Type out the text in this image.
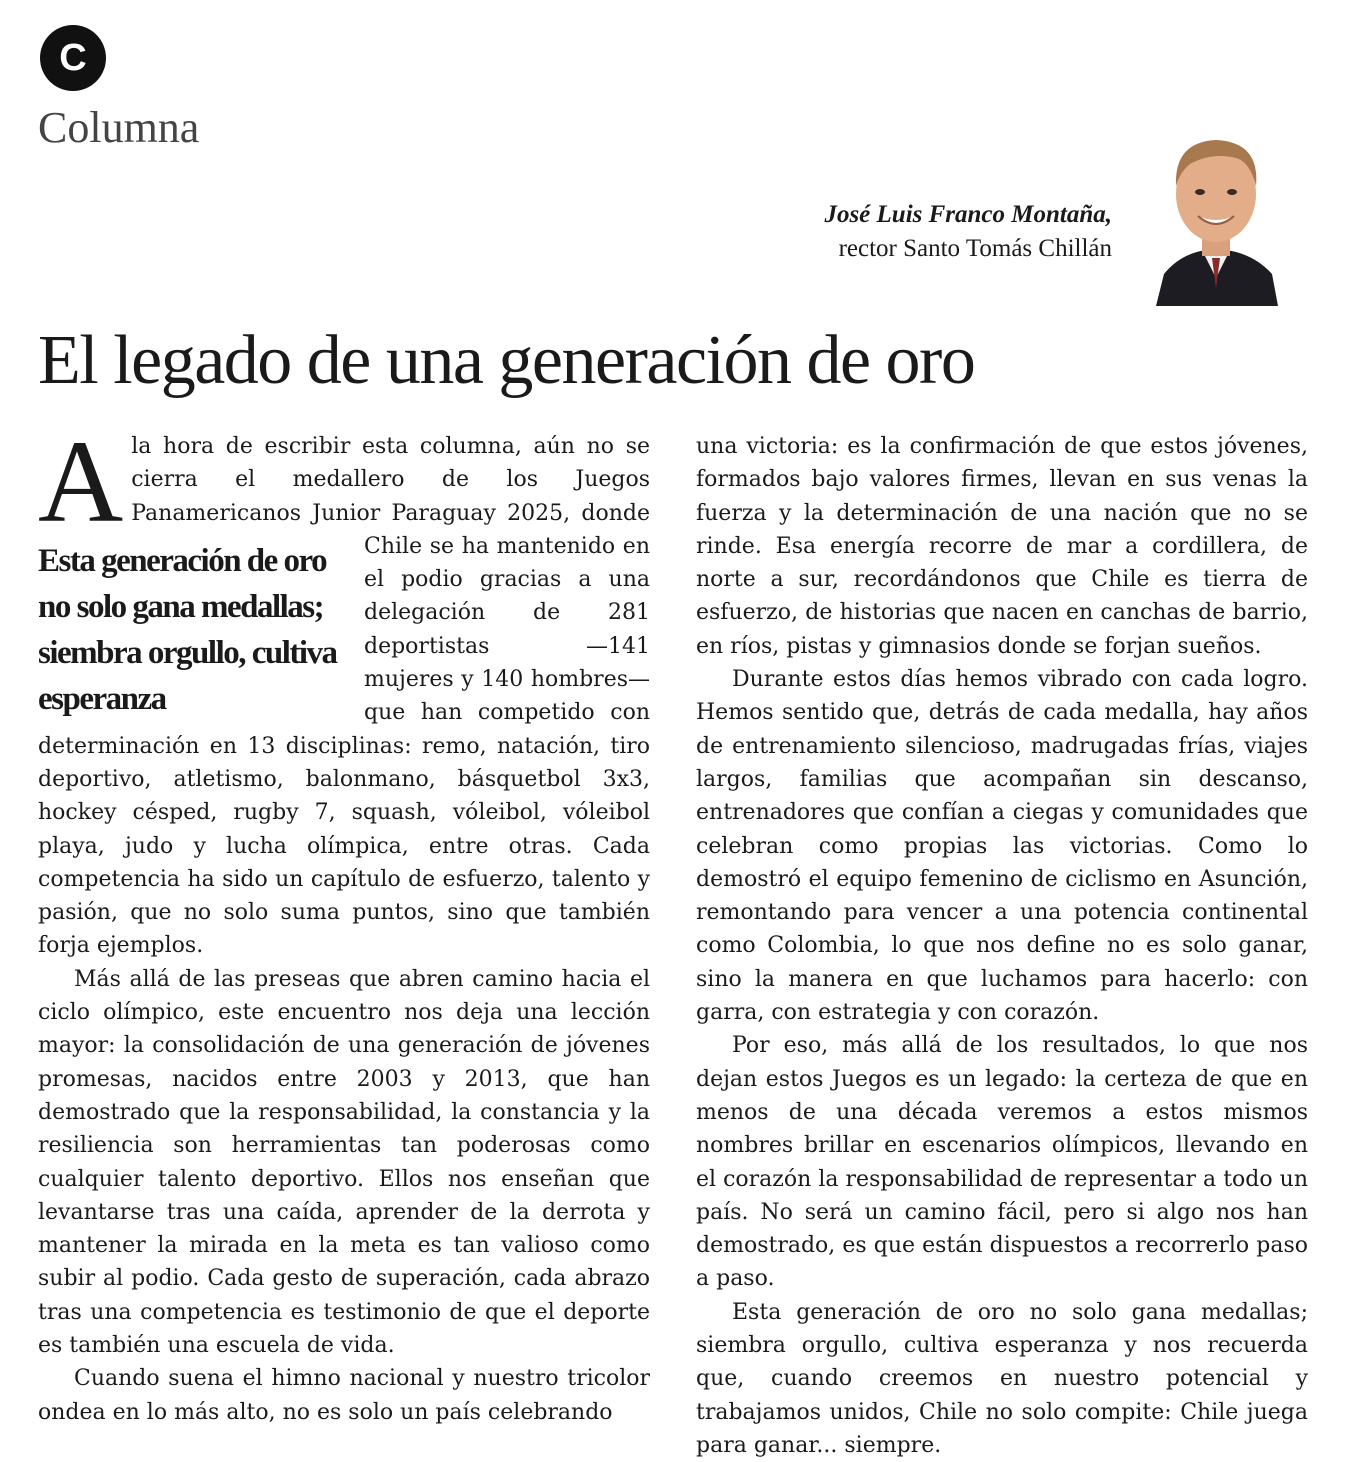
C
Columna
José Luis Franco Montaña,
rector Santo Tomás Chillán
El legado de una generación de oro

A
Esta generación de oro no solo gana medallas; siembra orgullo, cultiva esperanza
la hora de escribir esta columna, aún no se cierra el medallero de los Juegos Panamericanos Junior Paraguay 2025, donde Chile se ha mantenido en el podio gracias a una delegación de 281 deportistas —141 mujeres y 140 hombres— que han competido con determinación en 13 disciplinas: remo, natación, tiro deportivo, atletismo, balonmano, básquetbol 3x3, hockey césped, rugby 7, squash, vóleibol, vóleibol playa, judo y lucha olímpica, entre otras. Cada competencia ha sido un capítulo de esfuerzo, talento y pasión, que no solo suma puntos, sino que también forja ejemplos.

Más allá de las preseas que abren camino hacia el ciclo olímpico, este encuentro nos deja una lección mayor: la consolidación de una generación de jóvenes promesas, nacidos entre 2003 y 2013, que han demostrado que la responsabilidad, la constancia y la resiliencia son herramientas tan poderosas como cualquier talento deportivo. Ellos nos enseñan que levantarse tras una caída, aprender de la derrota y mantener la mirada en la meta es tan valioso como subir al podio. Cada gesto de superación, cada abrazo tras una competencia es testimonio de que el deporte es también una escuela de vida.

Cuando suena el himno nacional y nuestro tricolor ondea en lo más alto, no es solo un país celebrando

una victoria: es la confirmación de que estos jóvenes, formados bajo valores firmes, llevan en sus venas la fuerza y la determinación de una nación que no se rinde. Esa energía recorre de mar a cordillera, de norte a sur, recordándonos que Chile es tierra de esfuerzo, de historias que nacen en canchas de barrio, en ríos, pistas y gimnasios donde se forjan sueños.

Durante estos días hemos vibrado con cada logro. Hemos sentido que, detrás de cada medalla, hay años de entrenamiento silencioso, madrugadas frías, viajes largos, familias que acompañan sin descanso, entrenadores que confían a ciegas y comunidades que celebran como propias las victorias. Como lo demostró el equipo femenino de ciclismo en Asunción, remontando para vencer a una potencia continental como Colombia, lo que nos define no es solo ganar, sino la manera en que luchamos para hacerlo: con garra, con estrategia y con corazón.

Por eso, más allá de los resultados, lo que nos dejan estos Juegos es un legado: la certeza de que en menos de una década veremos a estos mismos nombres brillar en escenarios olímpicos, llevando en el corazón la responsabilidad de representar a todo un país. No será un camino fácil, pero si algo nos han demostrado, es que están dispuestos a recorrerlo paso a paso.

Esta generación de oro no solo gana medallas; siembra orgullo, cultiva esperanza y nos recuerda que, cuando creemos en nuestro potencial y trabajamos unidos, Chile no solo compite: Chile juega para ganar... siempre.
